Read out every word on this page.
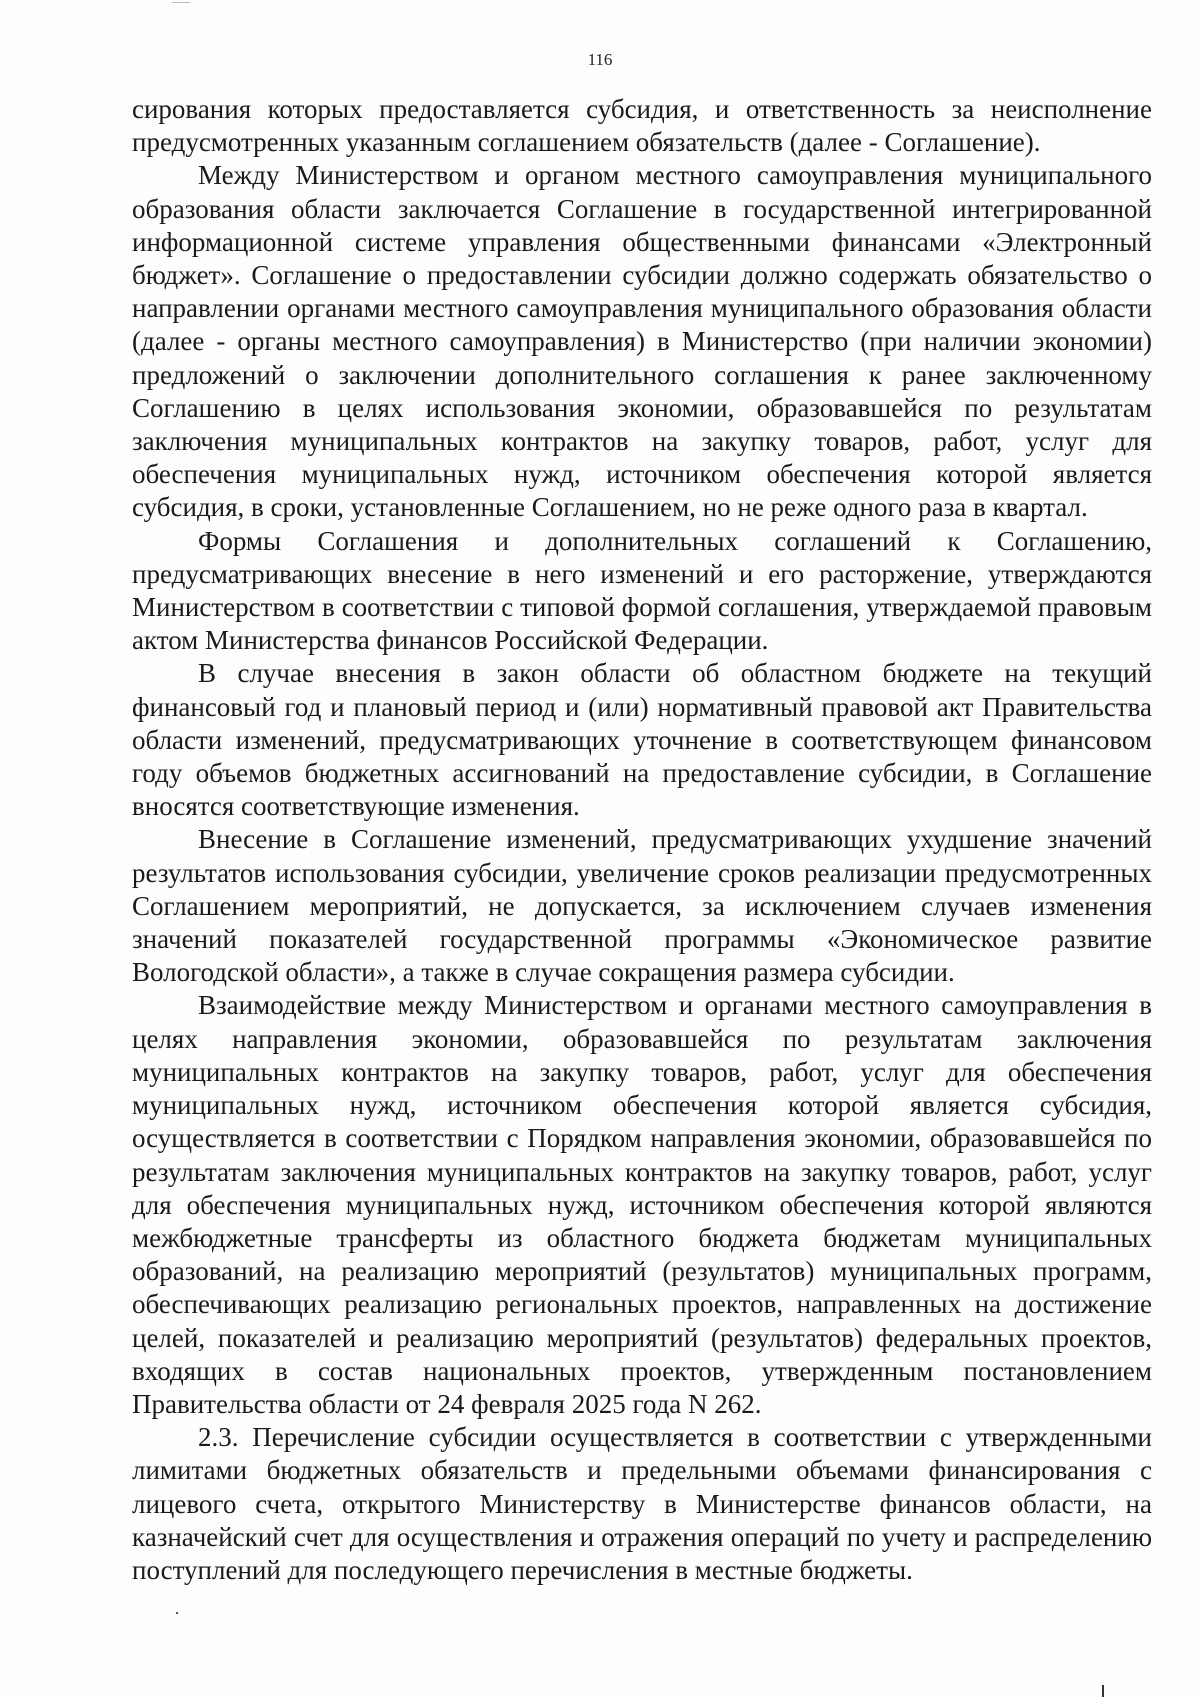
116

сирования которых предоставляется субсидия, и ответственность за неисполнение предусмотренных указанным соглашением обязательств (далее - Соглашение).

Между Министерством и органом местного самоуправления муниципального образования области заключается Соглашение в государственной интегрированной информационной системе управления общественными финансами «Электронный бюджет». Соглашение о предоставлении субсидии должно содержать обязательство о направлении органами местного самоуправления муниципального образования области (далее - органы местного самоуправления) в Министерство (при наличии экономии) предложений о заключении дополнительного соглашения к ранее заключенному Соглашению в целях использования экономии, образовавшейся по результатам заключения муниципальных контрактов на закупку товаров, работ, услуг для обеспечения муниципальных нужд, источником обеспечения которой является субсидия, в сроки, установленные Соглашением, но не реже одного раза в квартал.

Формы Соглашения и дополнительных соглашений к Соглашению, предусматривающих внесение в него изменений и его расторжение, утверждаются Министерством в соответствии с типовой формой соглашения, утверждаемой правовым актом Министерства финансов Российской Федерации.

В случае внесения в закон области об областном бюджете на текущий финансовый год и плановый период и (или) нормативный правовой акт Правительства области изменений, предусматривающих уточнение в соответствующем финансовом году объемов бюджетных ассигнований на предоставление субсидии, в Соглашение вносятся соответствующие изменения.

Внесение в Соглашение изменений, предусматривающих ухудшение значений результатов использования субсидии, увеличение сроков реализации предусмотренных Соглашением мероприятий, не допускается, за исключением случаев изменения значений показателей государственной программы «Экономическое развитие Вологодской области», а также в случае сокращения размера субсидии.

Взаимодействие между Министерством и органами местного самоуправления в целях направления экономии, образовавшейся по результатам заключения муниципальных контрактов на закупку товаров, работ, услуг для обеспечения муниципальных нужд, источником обеспечения которой является субсидия, осуществляется в соответствии с Порядком направления экономии, образовавшейся по результатам заключения муниципальных контрактов на закупку товаров, работ, услуг для обеспечения муниципальных нужд, источником обеспечения которой являются межбюджетные трансферты из областного бюджета бюджетам муниципальных образований, на реализацию мероприятий (результатов) муниципальных программ, обеспечивающих реализацию региональных проектов, направленных на достижение целей, показателей и реализацию мероприятий (результатов) федеральных проектов, входящих в состав национальных проектов, утвержденным постановлением Правительства области от 24 февраля 2025 года N 262.

2.3. Перечисление субсидии осуществляется в соответствии с утвержденными лимитами бюджетных обязательств и предельными объемами финансирования с лицевого счета, открытого Министерству в Министерстве финансов области, на казначейский счет для осуществления и отражения операций по учету и распределению поступлений для последующего перечисления в местные бюджеты.
